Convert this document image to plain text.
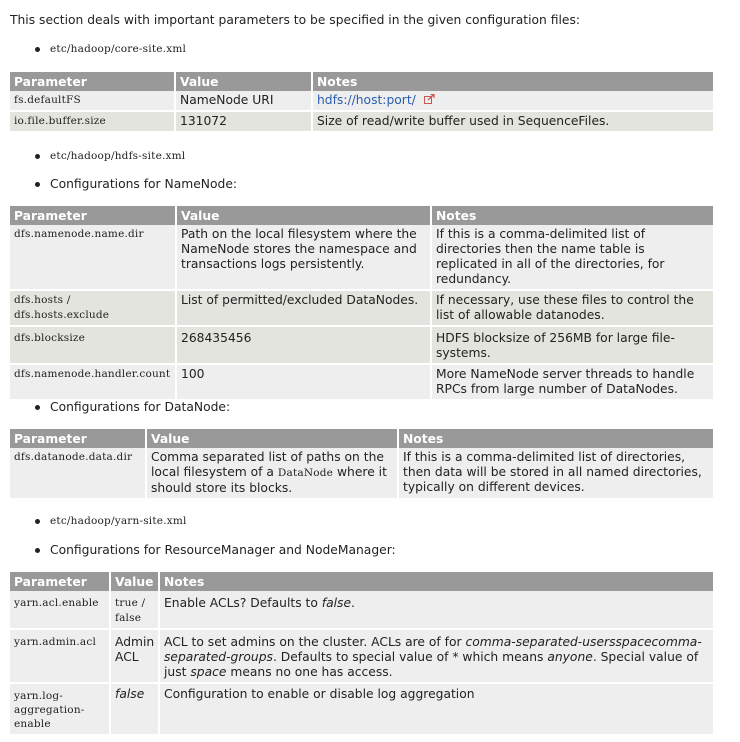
This section deals with important parameters to be specified in the given configuration files:
etc/hadoop/core-site.xml
Parameter	Value	Notes
fs.defaultFS	NameNode URI	hdfs://host:port/
io.file.buffer.size	131072	Size of read/write buffer used in SequenceFiles.
etc/hadoop/hdfs-site.xml
Configurations for NameNode:
Parameter	Value	Notes
dfs.namenode.name.dir	Path on the local filesystem where the NameNode stores the namespace and transactions logs persistently.	If this is a comma-delimited list of directories then the name table is replicated in all of the directories, for redundancy.

dfs.hosts /
dfs.hosts.exclude	List of permitted/excluded DataNodes.	If necessary, use these files to control the list of allowable datanodes.
dfs.blocksize	268435456	HDFS blocksize of 256MB for large file-systems.
dfs.namenode.handler.count	100	More NameNode server threads to handle RPCs from large number of DataNodes.
Configurations for DataNode:
Parameter	Value	Notes
dfs.datanode.data.dir	Comma separated list of paths on the local filesystem of a DataNode where it should store its blocks.	If this is a comma-delimited list of directories, then data will be stored in all named directories, typically on different devices.
etc/hadoop/yarn-site.xml
Configurations for ResourceManager and NodeManager:
Parameter	Value	Notes
yarn.acl.enable	true / false	Enable ACLs? Defaults to false.
yarn.admin.acl	Admin ACL	ACL to set admins on the cluster. ACLs are of for comma-separated-usersspacecomma-separated-groups. Defaults to special value of * which means anyone. Special value of just space means no one has access.
yarn.log-aggregation-enable	false	Configuration to enable or disable log aggregation
